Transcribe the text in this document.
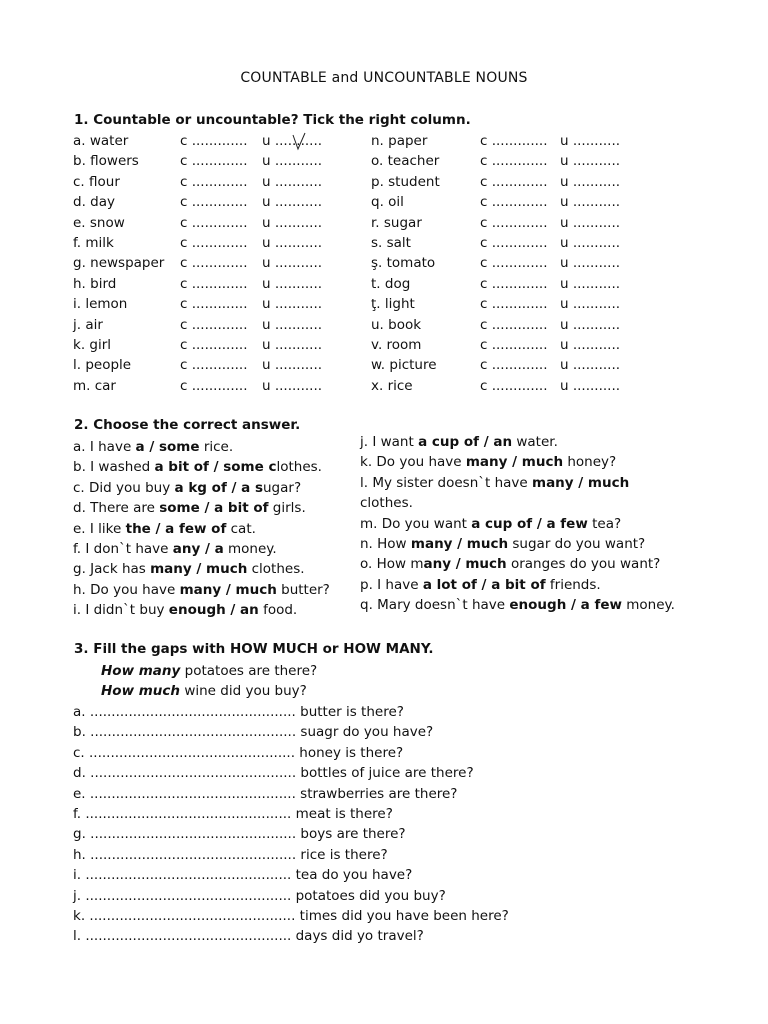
COUNTABLE and UNCOUNTABLE NOUNS
1. Countable or uncountable? Tick the right column.
a. water	c ............. u ...........
b. flowers	c ............. u ...........
c. flour	c ............. u ...........
d. day	c ............. u ...........
e. snow	c ............. u ...........
f. milk	c ............. u ...........
g. newspaper c ............. u ...........
h. bird	c ............. u ...........
i. lemon	c ............. u ...........
j. air	c ............. u ...........
k. girl	c ............. u ...........
l. people	c ............. u ...........
m. car	c ............. u ...........
n. paper	c ............. u ...........
o. teacher	c ............. u ...........
p. student	c ............. u ...........
q. oil	c ............. u ...........
r. sugar	c ............. u ...........
s. salt	c ............. u ...........
ş. tomato	c ............. u ...........
t. dog	c ............. u ...........
ţ. light	c ............. u ...........
u. book	c ............. u ...........
v. room	c ............. u ...........
w. picture	c ............. u ...........
x. rice	c ............. u ...........
2. Choose the correct answer.
a. I have a / some rice.
b. I washed a bit of / some clothes.
c. Did you buy a kg of / a sugar?
d. There are some / a bit of girls.
e. I like the / a few of cat.
f. I don`t have any / a money.
g. Jack has many / much clothes.
h. Do you have many / much butter?
i. I didn`t buy enough / an food.
j. I want a cup of / an water.
k. Do you have many / much honey?
l. My sister doesn`t have many / much
clothes.
m. Do you want a cup of / a few tea?
n. How many / much sugar do you want?
o. How many / much oranges do you want?
p. I have a lot of / a bit of friends.
q. Mary doesn`t have enough / a few money.
3. Fill the gaps with HOW MUCH or HOW MANY.
How many potatoes are there?
How much wine did you buy?
a. ................................................ butter is there?
b. ................................................ suagr do you have?
c. ................................................ honey is there?
d. ................................................ bottles of juice are there?
e. ................................................ strawberries are there?
f. ................................................ meat is there?
g. ................................................ boys are there?
h. ................................................ rice is there?
i. ................................................ tea do you have?
j. ................................................ potatoes did you buy?
k. ................................................ times did you have been here?
l. ................................................ days did yo travel?
